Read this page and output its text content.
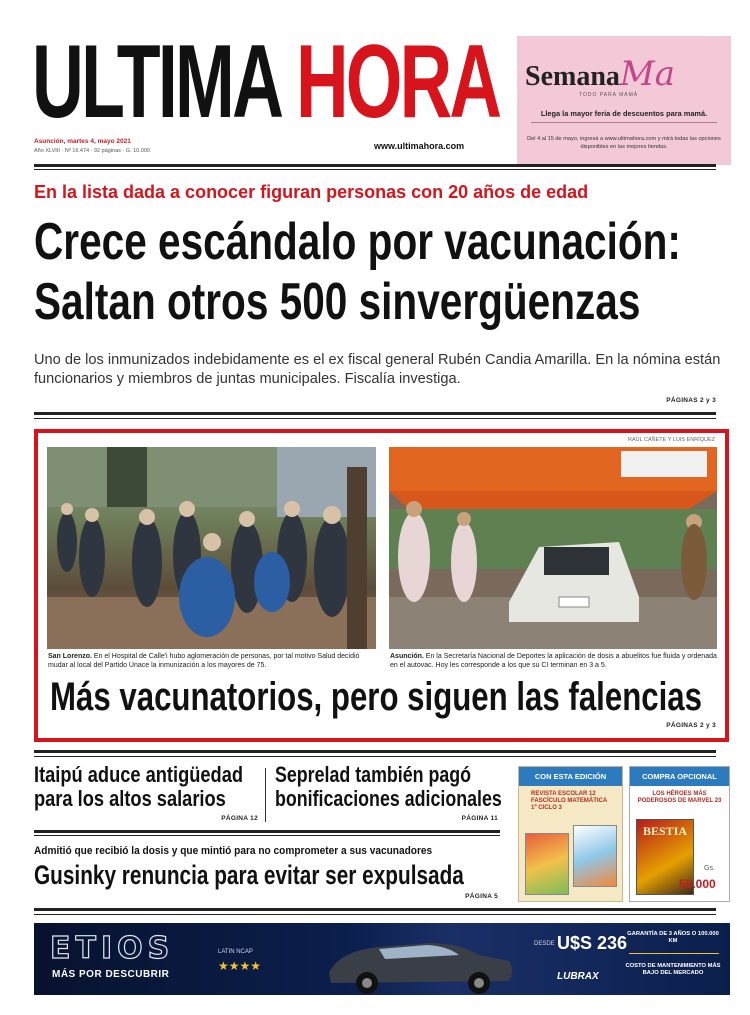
ULTIMA HORA
Asunción, martes 4, mayo 2021
Año XLVIII · Nº 16.474 · 92 páginas · G. 10.000	www.ultimahora.com
SemanaMa
TODO PARA MAMÁ
Llega la mayor feria de descuentos para mamá.
Del 4 al 15 de mayo, ingresá a www.ultimahora.com y mirá todas las opciones disponibles en las mejores tiendas.
En la lista dada a conocer figuran personas con 20 años de edad
Crece escándalo por vacunación:
Saltan otros 500 sinvergüenzas
Uno de los inmunizados indebidamente es el ex fiscal general Rubén Candia Amarilla. En la nómina están funcionarios y miembros de juntas municipales. Fiscalía investiga.
PÁGINAS 2 y 3
RAÚL CAÑETE Y LUIS ENRÍQUEZ
San Lorenzo. En el Hospital de Calle'i hubo aglomeración de personas, por tal motivo Salud decidió mudar al local del Partido Unace la inmunización a los mayores de 75.
Asunción. En la Secretaría Nacional de Deportes la aplicación de dosis a abuelitos fue fluida y ordenada en el autovac. Hoy les corresponde a los que su CI terminan en 3 a 5.
Más vacunatorios, pero siguen las falencias
PÁGINAS 2 y 3
Itaipú aduce antigüedad
para los altos salarios
PÁGINA 12
Seprelad también pagó
bonificaciones adicionales
PÁGINA 11
Admitió que recibió la dosis y que mintió para no comprometer a sus vacunadores
Gusinky renuncia para evitar ser expulsada
PÁGINA 5
CON ESTA EDICIÓN
REVISTA ESCOLAR 12
FASCÍCULO MATEMÁTICA
1º CICLO 3
COMPRA OPCIONAL
LOS HÉROES MÁS
PODEROSOS DE MARVEL 23
BESTIA
Gs.
50.000
ETIOS
MÁS POR DESCUBRIR
LATIN NCAP
★★★★
DESDE U$S 236
LUBRAX
GARANTÍA DE 3 AÑOS O 100.000 KM
COSTO DE MANTENIMIENTO MÁS BAJO DEL MERCADO
